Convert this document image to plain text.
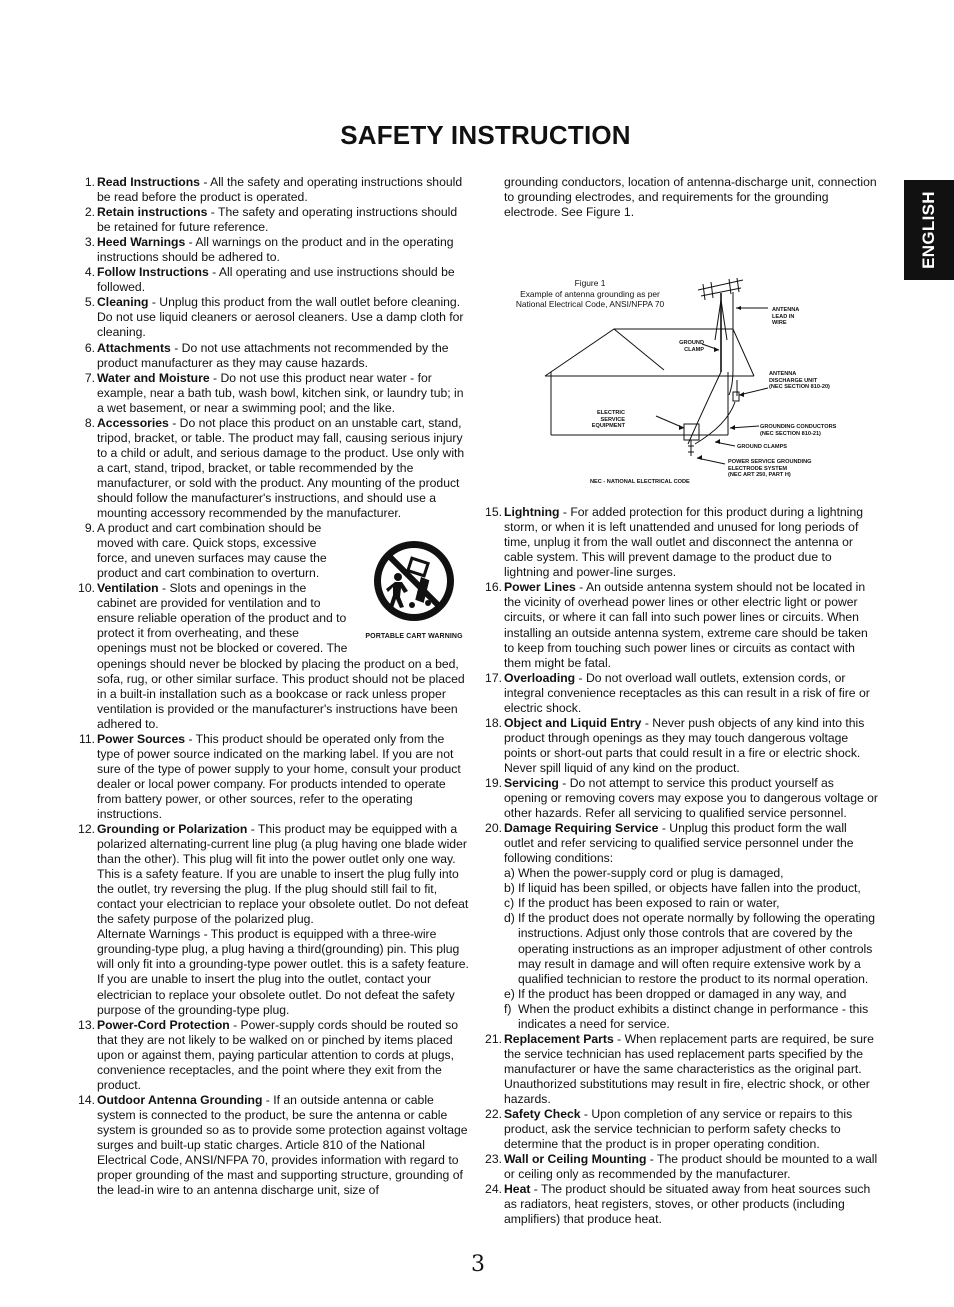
SAFETY INSTRUCTION
ENGLISH
1. Read Instructions - All the safety and operating instructions should be read before the product is operated.
2. Retain instructions - The safety and operating instructions should be retained for future reference.
3. Heed Warnings - All warnings on the product and in the operating instructions should be adhered to.
4. Follow Instructions - All operating and use instructions should be followed.
5. Cleaning - Unplug this product from the wall outlet before cleaning. Do not use liquid cleaners or aerosol cleaners. Use a damp cloth for cleaning.
6. Attachments - Do not use attachments not recommended by the product manufacturer as they may cause hazards.
7. Water and Moisture - Do not use this product near water - for example, near a bath tub, wash bowl, kitchen sink, or laundry tub; in a wet basement, or near a swimming pool; and the like.
8. Accessories - Do not place this product on an unstable cart, stand, tripod, bracket, or table. The product may fall, causing serious injury to a child or adult, and serious damage to the product. Use only with a cart, stand, tripod, bracket, or table recommended by the manufacturer, or sold with the product. Any mounting of the product should follow the manufacturer's instructions, and should use a mounting accessory recommended by the manufacturer.
PORTABLE CART WARNING
9. A product and cart combination should be moved with care. Quick stops, excessive force, and uneven surfaces may cause the product and cart combination to overturn.
10. Ventilation - Slots and openings in the cabinet are provided for ventilation and to ensure reliable operation of the product and to protect it from overheating, and these openings must not be blocked or covered. The openings should never be blocked by placing the product on a bed, sofa, rug, or other similar surface. This product should not be placed in a built-in installation such as a bookcase or rack unless proper ventilation is provided or the manufacturer's instructions have been adhered to.
11. Power Sources - This product should be operated only from the type of power source indicated on the marking label. If you are not sure of the type of power supply to your home, consult your product dealer or local power company. For products intended to operate from battery power, or other sources, refer to the operating instructions.
12. Grounding or Polarization - This product may be equipped with a polarized alternating-current line plug (a plug having one blade wider than the other). This plug will fit into the power outlet only one way. This is a safety feature. If you are unable to insert the plug fully into the outlet, try reversing the plug. If the plug should still fail to fit, contact your electrician to replace your obsolete outlet. Do not defeat the safety purpose of the polarized plug.
Alternate Warnings - This product is equipped with a three-wire grounding-type plug, a plug having a third(grounding) pin. This plug will only fit into a grounding-type power outlet. this is a safety feature. If you are unable to insert the plug into the outlet, contact your electrician to replace your obsolete outlet. Do not defeat the safety purpose of the grounding-type plug.
13. Power-Cord Protection - Power-supply cords should be routed so that they are not likely to be walked on or pinched by items placed upon or against them, paying particular attention to cords at plugs, convenience receptacles, and the point where they exit from the product.
14. Outdoor Antenna Grounding - If an outside antenna or cable system is connected to the product, be sure the antenna or cable system is grounded so as to provide some protection against voltage surges and built-up static charges. Article 810 of the National Electrical Code, ANSI/NFPA 70, provides information with regard to proper grounding of the mast and supporting structure, grounding of the lead-in wire to an antenna discharge unit, size of
grounding conductors, location of antenna-discharge unit, connection to grounding electrodes, and requirements for the grounding electrode. See Figure 1.
Figure 1
Example of antenna grounding as per
National Electrical Code, ANSI/NFPA 70
ANTENNA
LEAD IN
WIRE
GROUND
CLAMP
ANTENNA
DISCHARGE UNIT
(NEC SECTION 810-20)
ELECTRIC
SERVICE
EQUIPMENT	GROUNDING CONDUCTORS
(NEC SECTION 810-21)
GROUND CLAMPS
POWER SERVICE GROUNDING
ELECTRODE SYSTEM
(NEC ART 250, PART H)
NEC - NATIONAL ELECTRICAL CODE
15. Lightning - For added protection for this product during a lightning storm, or when it is left unattended and unused for long periods of time, unplug it from the wall outlet and disconnect the antenna or cable system. This will prevent damage to the product due to lightning and power-line surges.
16. Power Lines - An outside antenna system should not be located in the vicinity of overhead power lines or other electric light or power circuits, or where it can fall into such power lines or circuits. When installing an outside antenna system, extreme care should be taken to keep from touching such power lines or circuits as contact with them might be fatal.
17. Overloading - Do not overload wall outlets, extension cords, or integral convenience receptacles as this can result in a risk of fire or electric shock.
18. Object and Liquid Entry - Never push objects of any kind into this product through openings as they may touch dangerous voltage points or short-out parts that could result in a fire or electric shock. Never spill liquid of any kind on the product.
19. Servicing - Do not attempt to service this product yourself as opening or removing covers may expose you to dangerous voltage or other hazards. Refer all servicing to qualified service personnel.
20. Damage Requiring Service - Unplug this product form the wall outlet and refer servicing to qualified service personnel under the following conditions:
a) When the power-supply cord or plug is damaged,
b) If liquid has been spilled, or objects have fallen into the product,
c) If the product has been exposed to rain or water,
d) If the product does not operate normally by following the operating instructions. Adjust only those controls that are covered by the operating instructions as an improper adjustment of other controls may result in damage and will often require extensive work by a qualified technician to restore the product to its normal operation.
e) If the product has been dropped or damaged in any way, and
f) When the product exhibits a distinct change in performance - this indicates a need for service.
21. Replacement Parts - When replacement parts are required, be sure the service technician has used replacement parts specified by the manufacturer or have the same characteristics as the original part. Unauthorized substitutions may result in fire, electric shock, or other hazards.
22. Safety Check - Upon completion of any service or repairs to this product, ask the service technician to perform safety checks to determine that the product is in proper operating condition.
23. Wall or Ceiling Mounting - The product should be mounted to a wall or ceiling only as recommended by the manufacturer.
24. Heat - The product should be situated away from heat sources such as radiators, heat registers, stoves, or other products (including amplifiers) that produce heat.
3
